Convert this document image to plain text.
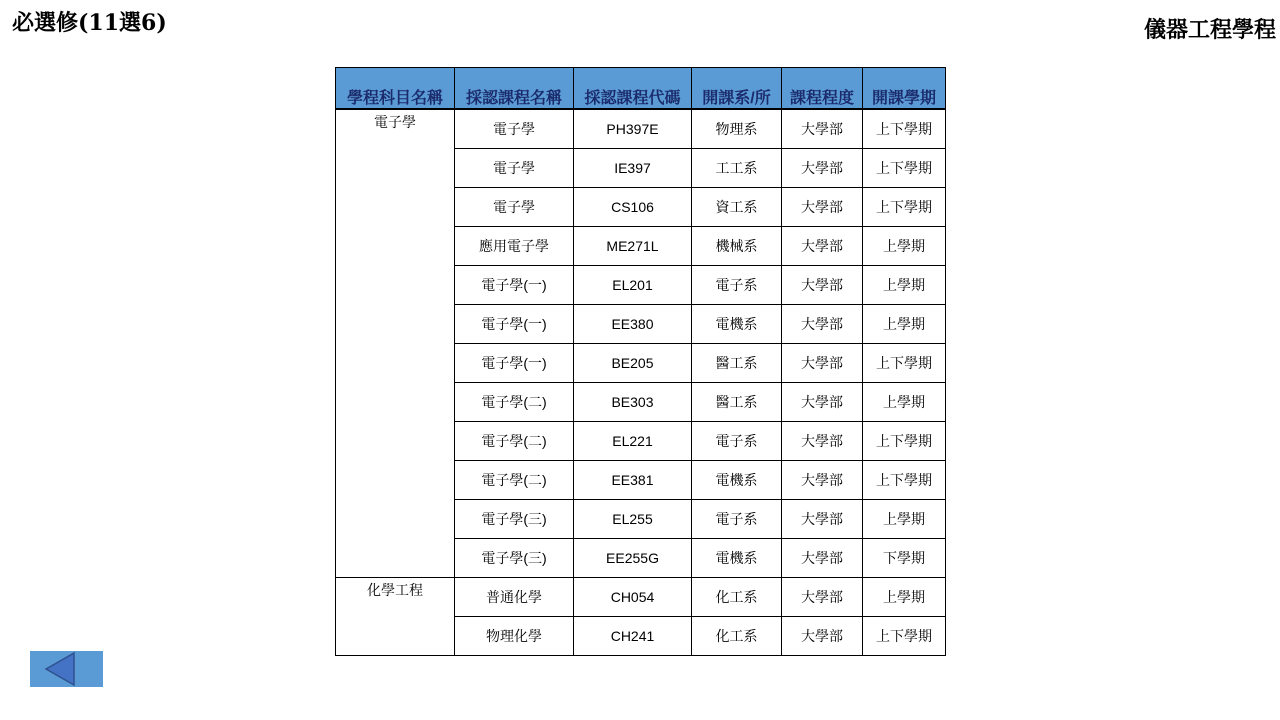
必選修(11選6)	儀器工程學程
學程科目名稱	採認課程名稱	採認課程代碼	開課系/所	課程程度	開課學期
電子學	電子學	PH397E	物理系	大學部	上下學期
	電子學	IE397	工工系	大學部	上下學期
	電子學	CS106	資工系	大學部	上下學期
	應用電子學	ME271L	機械系	大學部	上學期
	電子學(一)	EL201	電子系	大學部	上學期
	電子學(一)	EE380	電機系	大學部	上學期
	電子學(一)	BE205	醫工系	大學部	上下學期
	電子學(二)	BE303	醫工系	大學部	上學期
	電子學(二)	EL221	電子系	大學部	上下學期
	電子學(二)	EE381	電機系	大學部	上下學期
	電子學(三)	EL255	電子系	大學部	上學期
	電子學(三)	EE255G	電機系	大學部	下學期
化學工程	普通化學	CH054	化工系	大學部	上學期
	物理化學	CH241	化工系	大學部	上下學期
